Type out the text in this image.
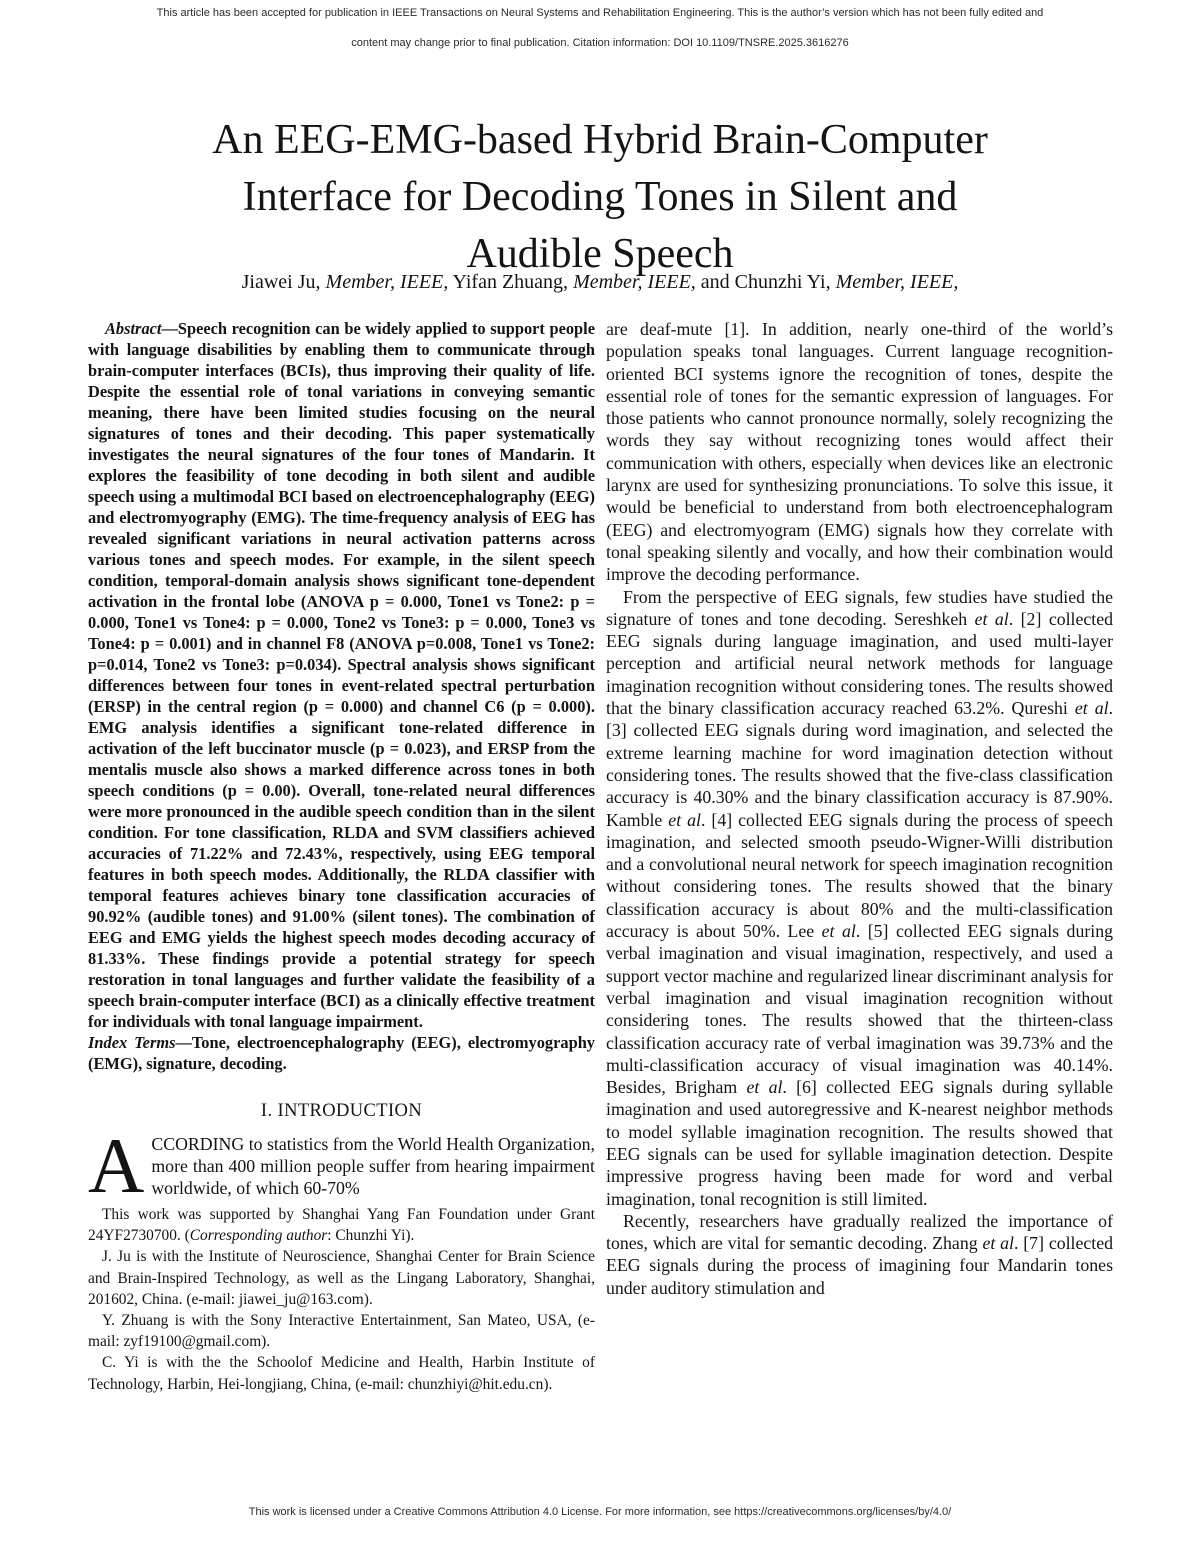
This article has been accepted for publication in IEEE Transactions on Neural Systems and Rehabilitation Engineering. This is the author’s version which has not been fully edited and
content may change prior to final publication. Citation information: DOI 10.1109/TNSRE.2025.3616276
An EEG-EMG-based Hybrid Brain-Computer
Interface for Decoding Tones in Silent and
Audible Speech
Jiawei Ju, Member, IEEE, Yifan Zhuang, Member, IEEE, and Chunzhi Yi, Member, IEEE,

Abstract—Speech recognition can be widely applied to support people with language disabilities by enabling them to communicate through brain-computer interfaces (BCIs), thus improving their quality of life. Despite the essential role of tonal variations in conveying semantic meaning, there have been limited studies focusing on the neural signatures of tones and their decoding. This paper systematically investigates the neural signatures of the four tones of Mandarin. It explores the feasibility of tone decoding in both silent and audible speech using a multimodal BCI based on electroencephalography (EEG) and electromyography (EMG). The time-frequency analysis of EEG has revealed significant variations in neural activation patterns across various tones and speech modes. For example, in the silent speech condition, temporal-domain analysis shows significant tone-dependent activation in the frontal lobe (ANOVA p = 0.000, Tone1 vs Tone2: p = 0.000, Tone1 vs Tone4: p = 0.000, Tone2 vs Tone3: p = 0.000, Tone3 vs Tone4: p = 0.001) and in channel F8 (ANOVA p=0.008, Tone1 vs Tone2: p=0.014, Tone2 vs Tone3: p=0.034). Spectral analysis shows significant differences between four tones in event-related spectral perturbation (ERSP) in the central region (p = 0.000) and channel C6 (p = 0.000). EMG analysis identifies a significant tone-related difference in activation of the left buccinator muscle (p = 0.023), and ERSP from the mentalis muscle also shows a marked difference across tones in both speech conditions (p = 0.00). Overall, tone-related neural differences were more pronounced in the audible speech condition than in the silent condition. For tone classification, RLDA and SVM classifiers achieved accuracies of 71.22% and 72.43%, respectively, using EEG temporal features in both speech modes. Additionally, the RLDA classifier with temporal features achieves binary tone classification accuracies of 90.92% (audible tones) and 91.00% (silent tones). The combination of EEG and EMG yields the highest speech modes decoding accuracy of 81.33%. These findings provide a potential strategy for speech restoration in tonal languages and further validate the feasibility of a speech brain-computer interface (BCI) as a clinically effective treatment for individuals with tonal language impairment.

Index Terms—Tone, electroencephalography (EEG), electromyography (EMG), signature, decoding.

I. INTRODUCTION

ACCORDING to statistics from the World Health Organization, more than 400 million people suffer from hearing impairment worldwide, of which 60-70%

This work was supported by Shanghai Yang Fan Foundation under Grant 24YF2730700. (Corresponding author: Chunzhi Yi).

J. Ju is with the Institute of Neuroscience, Shanghai Center for Brain Science and Brain-Inspired Technology, as well as the Lingang Laboratory, Shanghai, 201602, China. (e-mail: jiawei_ju@163.com).

Y. Zhuang is with the Sony Interactive Entertainment, San Mateo, USA, (e-mail: zyf19100@gmail.com).

C. Yi is with the the Schoolof Medicine and Health, Harbin Institute of Technology, Harbin, Hei-longjiang, China, (e-mail: chunzhiyi@hit.edu.cn).

are deaf-mute [1]. In addition, nearly one-third of the world’s population speaks tonal languages. Current language recognition-oriented BCI systems ignore the recognition of tones, despite the essential role of tones for the semantic expression of languages. For those patients who cannot pronounce normally, solely recognizing the words they say without recognizing tones would affect their communication with others, especially when devices like an electronic larynx are used for synthesizing pronunciations. To solve this issue, it would be beneficial to understand from both electroencephalogram (EEG) and electromyogram (EMG) signals how they correlate with tonal speaking silently and vocally, and how their combination would improve the decoding performance.

From the perspective of EEG signals, few studies have studied the signature of tones and tone decoding. Sereshkeh et al. [2] collected EEG signals during language imagination, and used multi-layer perception and artificial neural network methods for language imagination recognition without considering tones. The results showed that the binary classification accuracy reached 63.2%. Qureshi et al. [3] collected EEG signals during word imagination, and selected the extreme learning machine for word imagination detection without considering tones. The results showed that the five-class classification accuracy is 40.30% and the binary classification accuracy is 87.90%. Kamble et al. [4] collected EEG signals during the process of speech imagination, and selected smooth pseudo-Wigner-Willi distribution and a convolutional neural network for speech imagination recognition without considering tones. The results showed that the binary classification accuracy is about 80% and the multi-classification accuracy is about 50%. Lee et al. [5] collected EEG signals during verbal imagination and visual imagination, respectively, and used a support vector machine and regularized linear discriminant analysis for verbal imagination and visual imagination recognition without considering tones. The results showed that the thirteen-class classification accuracy rate of verbal imagination was 39.73% and the multi-classification accuracy of visual imagination was 40.14%. Besides, Brigham et al. [6] collected EEG signals during syllable imagination and used autoregressive and K-nearest neighbor methods to model syllable imagination recognition. The results showed that EEG signals can be used for syllable imagination detection. Despite impressive progress having been made for word and verbal imagination, tonal recognition is still limited.

Recently, researchers have gradually realized the importance of tones, which are vital for semantic decoding. Zhang et al. [7] collected EEG signals during the process of imagining four Mandarin tones under auditory stimulation and

This work is licensed under a Creative Commons Attribution 4.0 License. For more information, see https://creativecommons.org/licenses/by/4.0/
